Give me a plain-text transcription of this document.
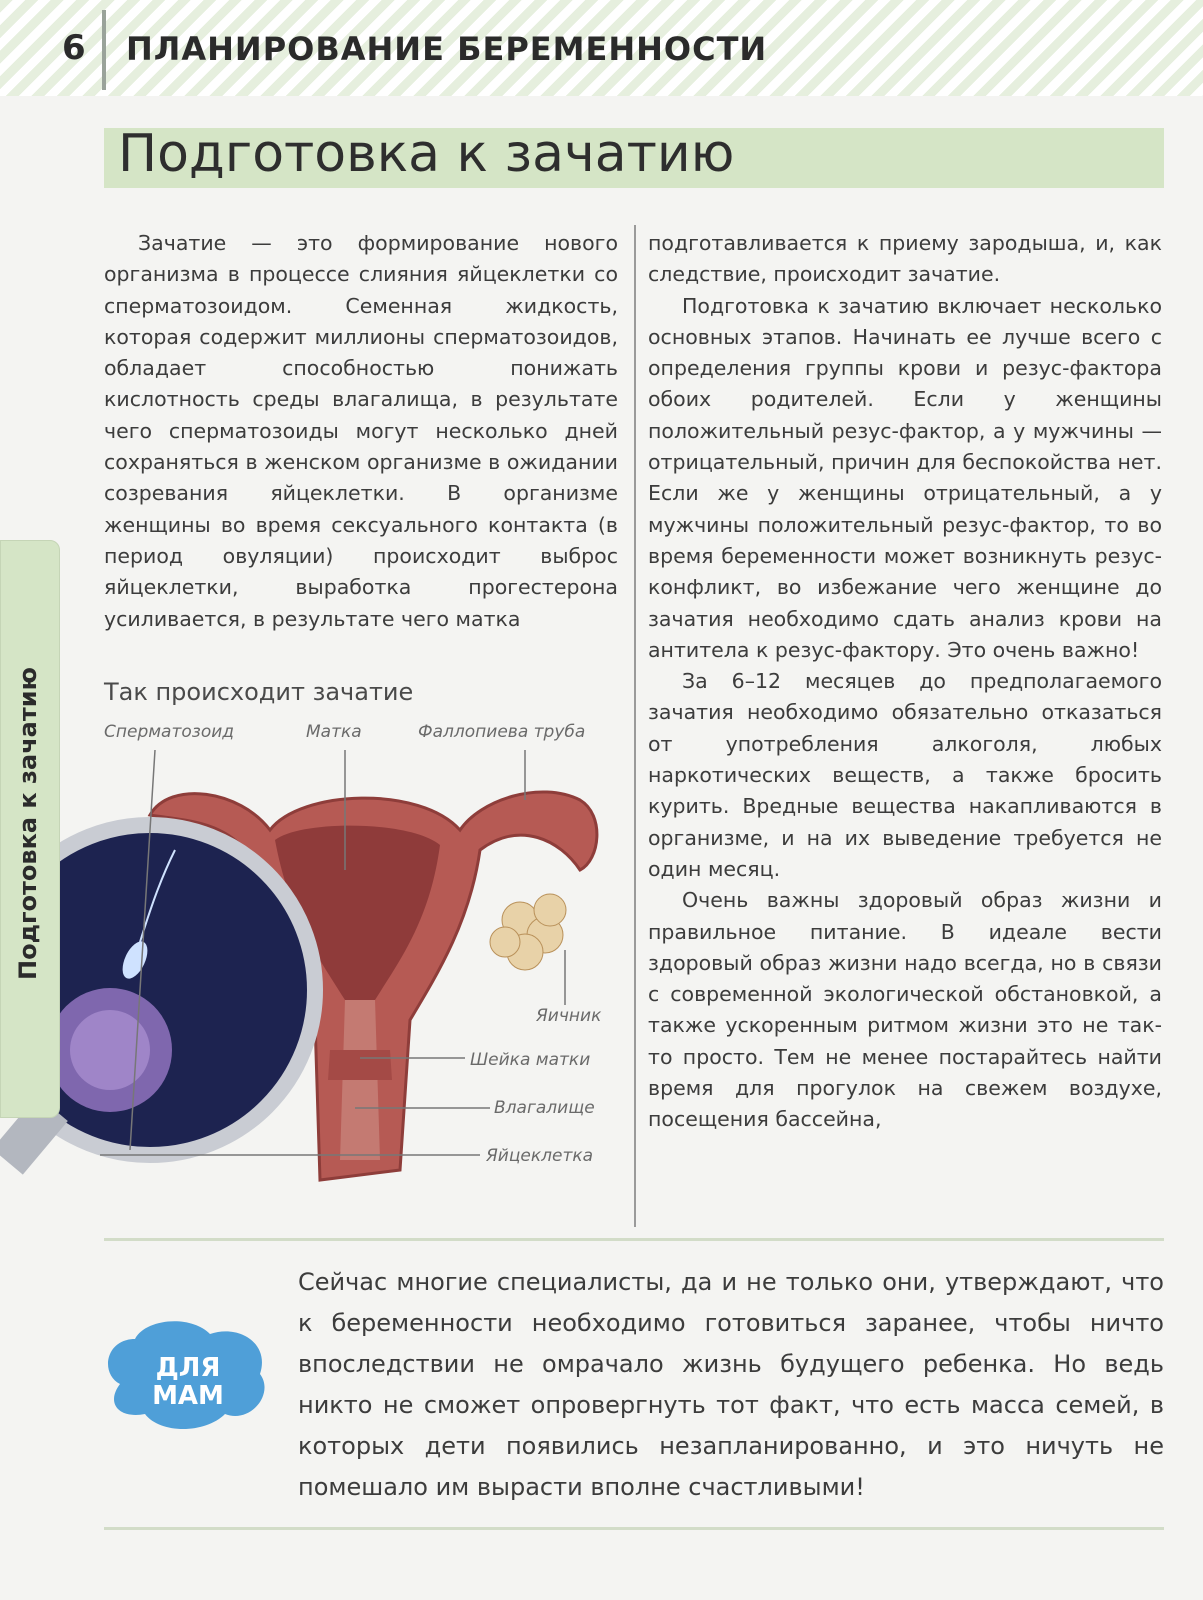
6 ПЛАНИРОВАНИЕ БЕРЕМЕННОСТИ
Подготовка к зачатию

Зачатие — это формирование нового организма в процессе слияния яйцеклетки со сперматозоидом. Семенная жидкость, которая содержит миллионы сперматозоидов, обладает способностью понижать кислотность среды влагалища, в результате чего сперматозоиды могут несколько дней сохраняться в женском организме в ожидании созревания яйцеклетки. В организме женщины во время сексуального контакта (в период овуляции) происходит выброс яйцеклетки, выработка прогестерона усиливается, в результате чего матка

подготавливается к приему зародыша, и, как следствие, происходит зачатие.

Подготовка к зачатию включает несколько основных этапов. Начинать ее лучше всего с определения группы крови и резус-фактора обоих родителей. Если у женщины положительный резус-фактор, а у мужчины — отрицательный, причин для беспокойства нет. Если же у женщины отрицательный, а у мужчины положительный резус-фактор, то во время беременности может возникнуть резус-конфликт, во избежание чего женщине до зачатия необходимо сдать анализ крови на антитела к резус-фактору. Это очень важно!

За 6–12 месяцев до предполагаемого зачатия необходимо обязательно отказаться от употребления алкоголя, любых наркотических веществ, а также бросить курить. Вредные вещества накапливаются в организме, и на их выведение требуется не один месяц.

Очень важны здоровый образ жизни и правильное питание. В идеале вести здоровый образ жизни надо всегда, но в связи с современной экологической обстановкой, а также ускоренным ритмом жизни это не так-то просто. Тем не менее постарайтесь найти время для прогулок на свежем воздухе, посещения бассейна,

Так происходит зачатие
Сперматозоид	Матка	Фаллопиева труба
Яичник
Шейка матки
Влагалище
Яйцеклетка
Подготовка к зачатию
Сейчас многие специалисты, да и не только они, утверждают, что к беременности необходимо готовиться заранее, чтобы ничто впоследствии не омрачало жизнь будущего ребенка. Но ведь никто не сможет опровергнуть тот факт, что есть масса семей, в которых дети появились незапланированно, и это ничуть не помешало им вырасти вполне счастливыми!
ДЛЯ
МАМ
